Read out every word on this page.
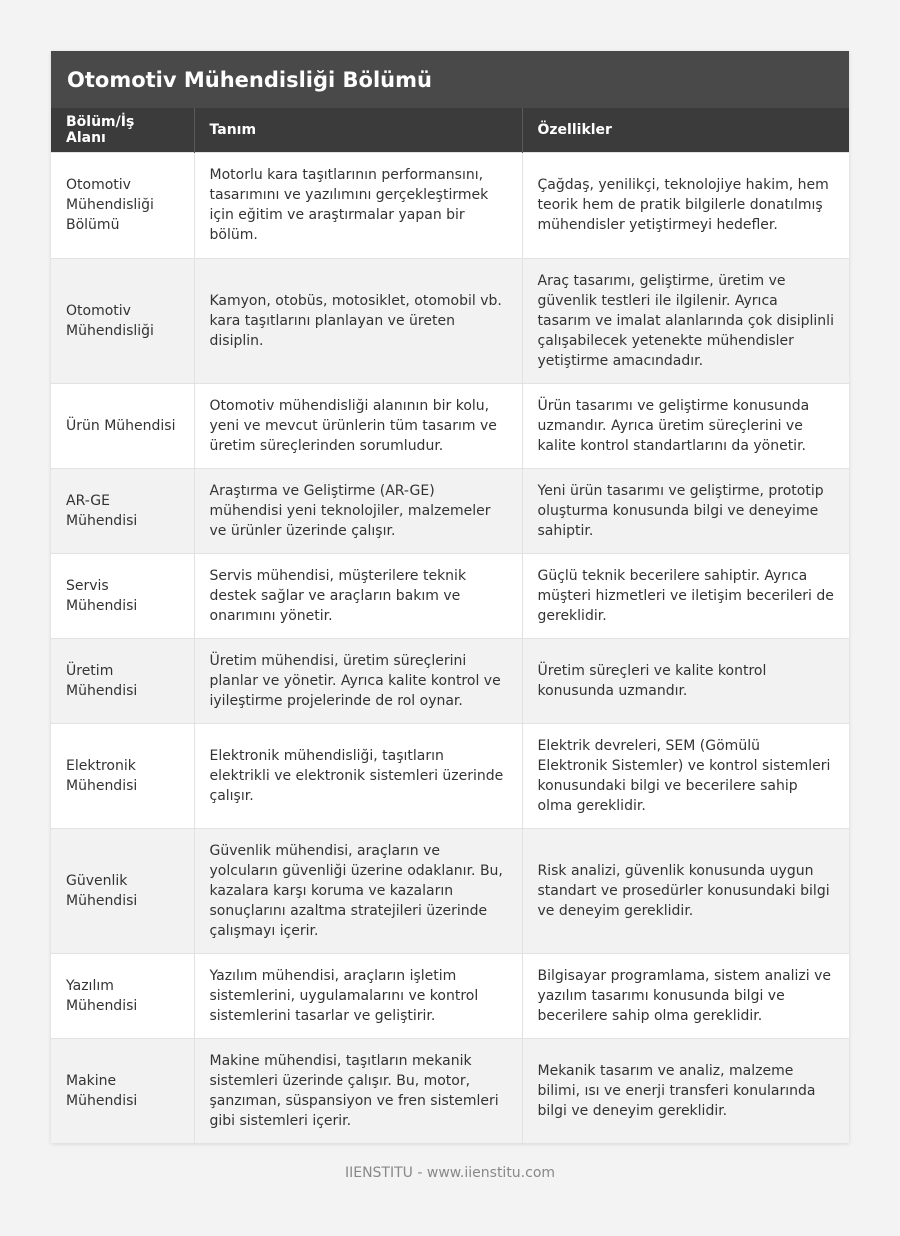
Otomotiv Mühendisliği Bölümü
Bölüm/İş Alanı	Tanım	Özellikler
Otomotiv Mühendisliği Bölümü	Motorlu kara taşıtlarının performansını, tasarımını ve yazılımını gerçekleştirmek için eğitim ve araştırmalar yapan bir bölüm.	Çağdaş, yenilikçi, teknolojiye hakim, hem teorik hem de pratik bilgilerle donatılmış mühendisler yetiştirmeyi hedefler.
Otomotiv Mühendisliği	Kamyon, otobüs, motosiklet, otomobil vb. kara taşıtlarını planlayan ve üreten disiplin.	Araç tasarımı, geliştirme, üretim ve güvenlik testleri ile ilgilenir. Ayrıca tasarım ve imalat alanlarında çok disiplinli çalışabilecek yetenekte mühendisler yetiştirme amacındadır.
Ürün Mühendisi	Otomotiv mühendisliği alanının bir kolu, yeni ve mevcut ürünlerin tüm tasarım ve üretim süreçlerinden sorumludur.	Ürün tasarımı ve geliştirme konusunda uzmandır. Ayrıca üretim süreçlerini ve kalite kontrol standartlarını da yönetir.
AR-GE Mühendisi	Araştırma ve Geliştirme (AR-GE) mühendisi yeni teknolojiler, malzemeler ve ürünler üzerinde çalışır.	Yeni ürün tasarımı ve geliştirme, prototip oluşturma konusunda bilgi ve deneyime sahiptir.
Servis Mühendisi	Servis mühendisi, müşterilere teknik destek sağlar ve araçların bakım ve onarımını yönetir.	Güçlü teknik becerilere sahiptir. Ayrıca müşteri hizmetleri ve iletişim becerileri de gereklidir.
Üretim Mühendisi	Üretim mühendisi, üretim süreçlerini planlar ve yönetir. Ayrıca kalite kontrol ve iyileştirme projelerinde de rol oynar.	Üretim süreçleri ve kalite kontrol konusunda uzmandır.
Elektronik Mühendisi	Elektronik mühendisliği, taşıtların elektrikli ve elektronik sistemleri üzerinde çalışır.	Elektrik devreleri, SEM (Gömülü Elektronik Sistemler) ve kontrol sistemleri konusundaki bilgi ve becerilere sahip olma gereklidir.
Güvenlik Mühendisi	Güvenlik mühendisi, araçların ve yolcuların güvenliği üzerine odaklanır. Bu, kazalara karşı koruma ve kazaların sonuçlarını azaltma stratejileri üzerinde çalışmayı içerir.	Risk analizi, güvenlik konusunda uygun standart ve prosedürler konusundaki bilgi ve deneyim gereklidir.
Yazılım Mühendisi	Yazılım mühendisi, araçların işletim sistemlerini, uygulamalarını ve kontrol sistemlerini tasarlar ve geliştirir.	Bilgisayar programlama, sistem analizi ve yazılım tasarımı konusunda bilgi ve becerilere sahip olma gereklidir.
Makine Mühendisi	Makine mühendisi, taşıtların mekanik sistemleri üzerinde çalışır. Bu, motor, şanzıman, süspansiyon ve fren sistemleri gibi sistemleri içerir.	Mekanik tasarım ve analiz, malzeme bilimi, ısı ve enerji transferi konularında bilgi ve deneyim gereklidir.
IIENSTITU - www.iienstitu.com
